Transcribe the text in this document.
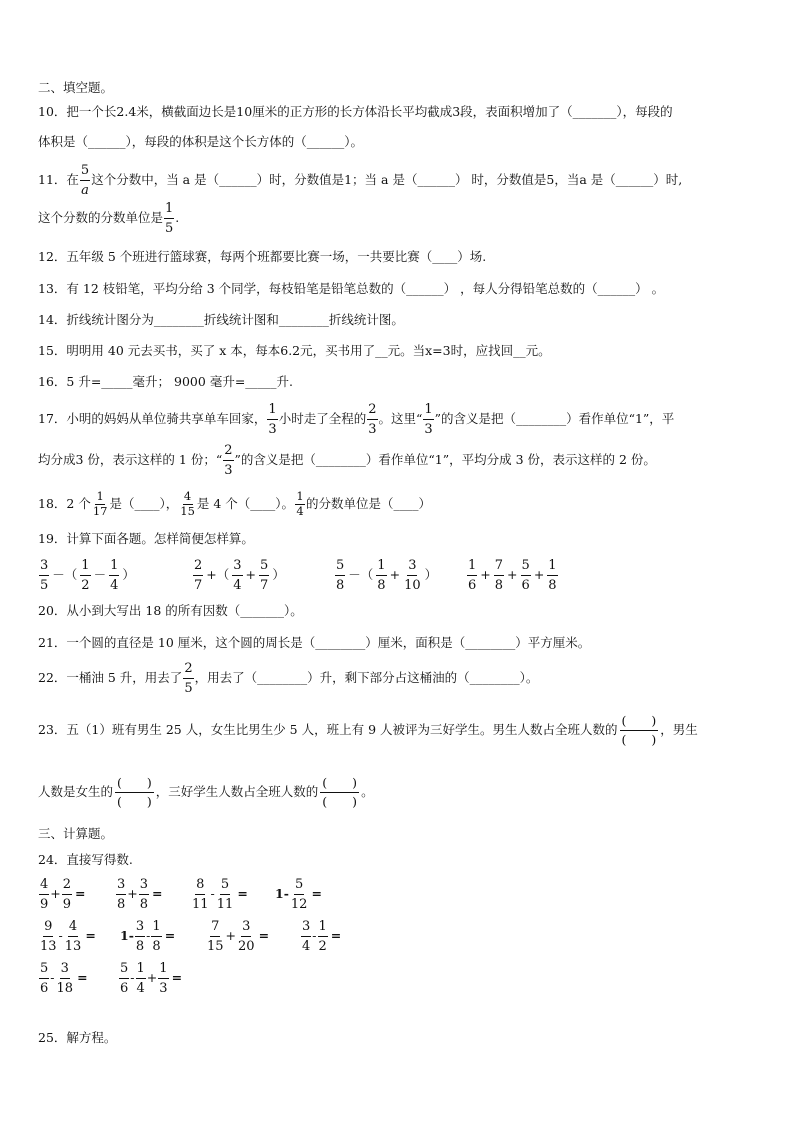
二、填空题。
10．把一个长2.4米，横截面边长是10厘米的正方形的长方体沿长平均截成3段，表面积增加了（_______），每段的
体积是（______），每段的体积是这个长方体的（______）。
11．在 $\frac{5}{a}$ 这个分数中，当 a 是（______）时，分数值是1；当 a 是（______） 时，分数值是5，当a 是（______）时,
这个分数的分数单位是 $\frac{1}{5}$ .
12．五年级 5 个班进行篮球赛，每两个班都要比赛一场，一共要比赛（____）场.
13．有 12 枝铅笔，平均分给 3 个同学，每枝铅笔是铅笔总数的（______） ，每人分得铅笔总数的（______） 。
14．折线统计图分为________折线统计图和________折线统计图。
15．明明用 40 元去买书，买了 x 本，每本6.2元，买书用了__元。当x=3时，应找回__元。
16．5 升=_____毫升； 9000 毫升=_____升.
17．小明的妈妈从单位骑共享单车回家， $\frac{1}{3}$ 小时走了全程的 $\frac{2}{3}$ 。这里“ $\frac{1}{3}$ ”的含义是把（________）看作单位“1”，平
均分成3 份，表示这样的 1 份；“ $\frac{2}{3}$ ”的含义是把（________）看作单位“1”，平均分成 3 份，表示这样的 2 份。
18．2 个 $\frac{1}{17}$ 是（____）， $\frac{4}{15}$ 是 4 个（____）。 $\frac{1}{4}$ 的分数单位是（____）
19．计算下面各题。怎样简便怎样算。
$\frac{3}{5}$ －（ $\frac{1}{2} - \frac{1}{4}$ ）	$\frac{2}{7}$ +（ $\frac{3}{4} + \frac{5}{7}$ ）	$\frac{5}{8}$ －（ $\frac{1}{8} + \frac{3}{10}$ ） $\frac{1}{6} + \frac{7}{8} + \frac{5}{6} + \frac{1}{8}$
20．从小到大写出 18 的所有因数（_______）。
21．一个圆的直径是 10 厘米，这个圆的周长是（________）厘米，面积是（________）平方厘米。
22．一桶油 5 升，用去了 $\frac{2}{5}$ ，用去了（________）升，剩下部分占这桶油的（________）。
23．五（1）班有男生 25 人，女生比男生少 5 人，班上有 9 人被评为三好学生。男生人数占全班人数的
(　　)
(　　)
，男生
人数是女生的
(　　)
(　　)
，三好学生人数占全班人数的
(　　)
(　　)
。
三、计算题。
24．直接写得数.
$\frac{4}{9} + \frac{2}{9} = \frac{3}{8} + \frac{3}{8} = \frac{8}{11} - \frac{5}{11} = 1- \frac{5}{12}$ =
$\frac{9}{13} - \frac{4}{13} = 1- \frac{3}{8} - \frac{1}{8} = \frac{7}{15} + \frac{3}{20} = \frac{3}{4} - \frac{1}{2}$ =
$\frac{5}{6} - \frac{3}{18} = \frac{5}{6} - \frac{1}{4} + \frac{1}{3}$ =
25．解方程。
